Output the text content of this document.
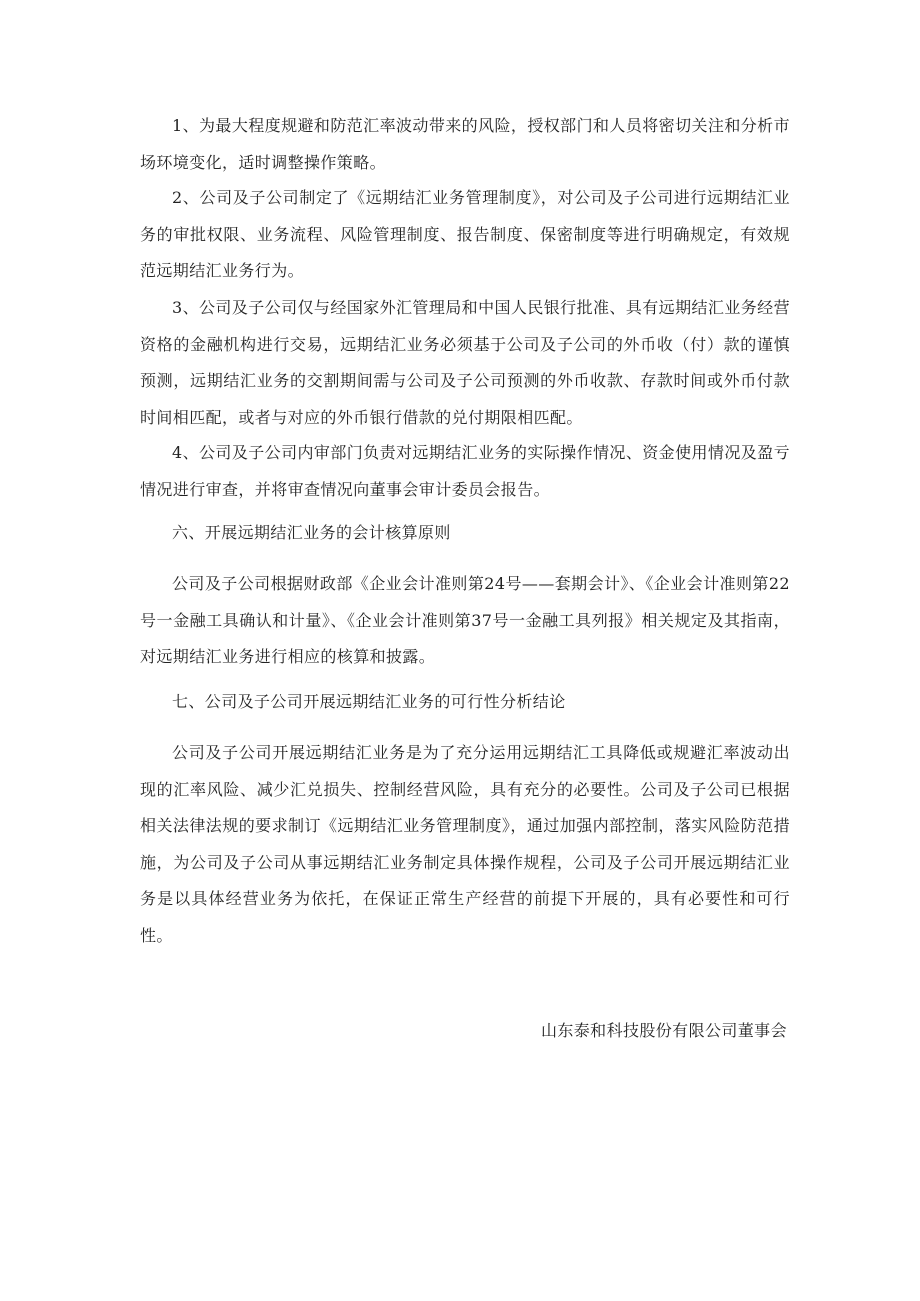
1、为最大程度规避和防范汇率波动带来的风险，授权部门和人员将密切关注和分析市场环境变化，适时调整操作策略。

2、公司及子公司制定了《远期结汇业务管理制度》，对公司及子公司进行远期结汇业务的审批权限、业务流程、风险管理制度、报告制度、保密制度等进行明确规定，有效规范远期结汇业务行为。

3、公司及子公司仅与经国家外汇管理局和中国人民银行批准、具有远期结汇业务经营资格的金融机构进行交易，远期结汇业务必须基于公司及子公司的外币收（付）款的谨慎预测，远期结汇业务的交割期间需与公司及子公司预测的外币收款、存款时间或外币付款时间相匹配，或者与对应的外币银行借款的兑付期限相匹配。

4、公司及子公司内审部门负责对远期结汇业务的实际操作情况、资金使用情况及盈亏情况进行审查，并将审查情况向董事会审计委员会报告。

六、开展远期结汇业务的会计核算原则

公司及子公司根据财政部《企业会计准则第24号——套期会计》、《企业会计准则第22号一金融工具确认和计量》、《企业会计准则第37号一金融工具列报》相关规定及其指南，对远期结汇业务进行相应的核算和披露。

七、公司及子公司开展远期结汇业务的可行性分析结论

公司及子公司开展远期结汇业务是为了充分运用远期结汇工具降低或规避汇率波动出现的汇率风险、减少汇兑损失、控制经营风险，具有充分的必要性。公司及子公司已根据相关法律法规的要求制订《远期结汇业务管理制度》，通过加强内部控制，落实风险防范措施，为公司及子公司从事远期结汇业务制定具体操作规程，公司及子公司开展远期结汇业务是以具体经营业务为依托，在保证正常生产经营的前提下开展的，具有必要性和可行性。

山东泰和科技股份有限公司董事会
